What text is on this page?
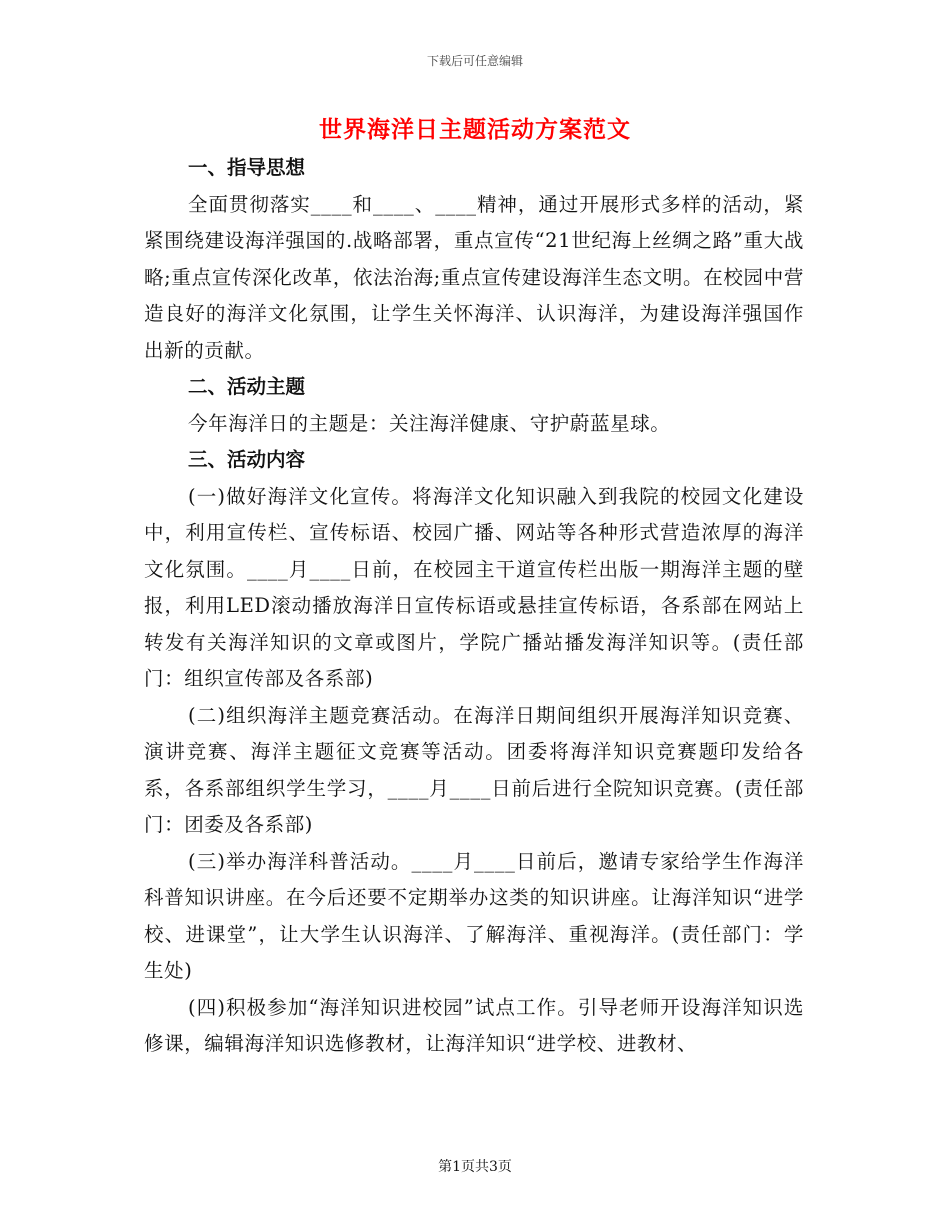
下载后可任意编辑
世界海洋日主题活动方案范文

一、指导思想

全面贯彻落实____和____、____精神，通过开展形式多样的活动，紧紧围绕建设海洋强国的.战略部署，重点宣传“21世纪海上丝绸之路”重大战略;重点宣传深化改革，依法治海;重点宣传建设海洋生态文明。在校园中营造良好的海洋文化氛围，让学生关怀海洋、认识海洋，为建设海洋强国作出新的贡献。

二、活动主题

今年海洋日的主题是：关注海洋健康、守护蔚蓝星球。

三、活动内容

(一)做好海洋文化宣传。将海洋文化知识融入到我院的校园文化建设中，利用宣传栏、宣传标语、校园广播、网站等各种形式营造浓厚的海洋文化氛围。____月____日前，在校园主干道宣传栏出版一期海洋主题的壁报，利用LED滚动播放海洋日宣传标语或悬挂宣传标语，各系部在网站上转发有关海洋知识的文章或图片，学院广播站播发海洋知识等。(责任部门：组织宣传部及各系部)

(二)组织海洋主题竞赛活动。在海洋日期间组织开展海洋知识竞赛、演讲竞赛、海洋主题征文竞赛等活动。团委将海洋知识竞赛题印发给各系，各系部组织学生学习，____月____日前后进行全院知识竞赛。(责任部门：团委及各系部)

(三)举办海洋科普活动。____月____日前后，邀请专家给学生作海洋科普知识讲座。在今后还要不定期举办这类的知识讲座。让海洋知识“进学校、进课堂”，让大学生认识海洋、了解海洋、重视海洋。(责任部门：学生处)

(四)积极参加“海洋知识进校园”试点工作。引导老师开设海洋知识选修课，编辑海洋知识选修教材，让海洋知识“进学校、进教材、

第1页共3页
